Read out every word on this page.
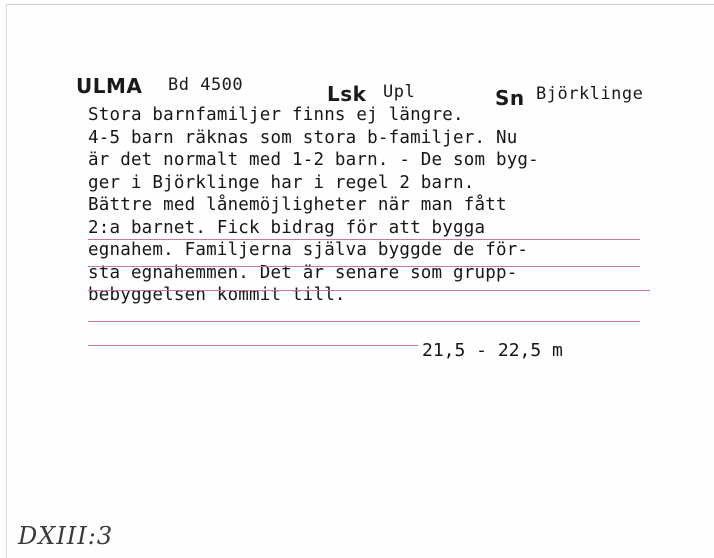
ULMA Bd 4500	Lsk Upl	Sn Björklinge
Stora barnfamiljer finns ej längre.
4-5 barn räknas som stora b-familjer. Nu
är det normalt med 1-2 barn. - De som byg-
ger i Björklinge har i regel 2 barn.
Bättre med lånemöjligheter när man fått
2:a barnet. Fick bidrag för att bygga
egnahem. Familjerna själva byggde de för-
sta egnahemmen. Det är senare som grupp-
bebyggelsen kommit till.
21,5 - 22,5 m
DXIII:3
